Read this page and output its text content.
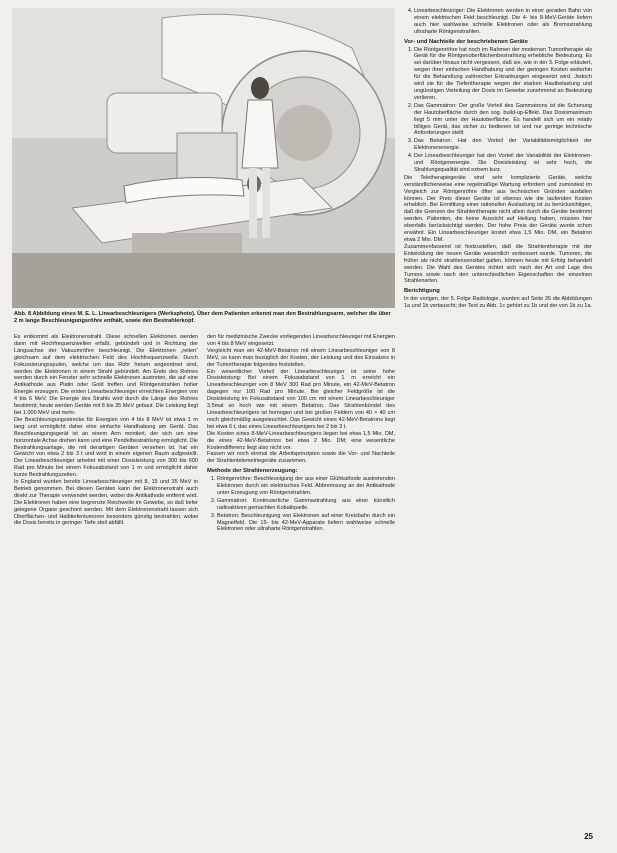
Abb. 8 Abbildung eines M. E. L. Linearbeschleunigers (Werksphoto). Über dem Patienten erkennt man den Bestrahlungsarm, welcher die über 2 m lange Beschleunigungsröhre enthält, sowie den Bestrahlerkopf.

Es entkommt als Elektronenstrahl. Diese schnellen Elektronen werden dann mit Hochfrequenzwellen erfaßt, gebündelt und in Richtung der Längsachse der Vakuumröhre beschleunigt. Die Elektronen „reiten“ gleichsam auf dem elektrischen Feld des Hochfrequenzwelle. Durch Fokussierungsspulen, welche um das Rohr herum angeordnet sind, werden die Elektronen in einem Strahl gebündelt. Am Ende des Rohres werden durch ein Fenster sehr schnelle Elektronen austreten, die auf eine Antikathode aus Platin oder Gold treffen und Röntgenstrahlen hoher Energie erzeugen. Die ersten Linearbeschleuniger erreichten Energien von 4 bis 6 MeV. Die Energie des Strahls wird durch die Länge des Rohres bestimmt; heute werden Geräte mit 8 bis 35 MeV gebaut. Die Leistung liegt bei 1.000 MeV und mehr.

Die Beschleunigungsstrecke für Energien von 4 bis 8 MeV ist etwa 1 m lang und ermöglicht daher eine einfache Handhabung am Gerät. Das Beschleunigungsgerät ist an einem Arm montiert, der sich um eine horizontale Achse drehen kann und eine Pendelbestrahlung ermöglicht. Die Bestrahlungsanlage, die mit derartigen Geräten versehen ist, hat ein Gewicht von etwa 2 bis 3 t und wird in einem eigenen Raum aufgestellt. Der Linearbeschleuniger arbeitet mit einer Dosisleistung von 300 bis 600 Rad pro Minute bei einem Fokusabstand von 1 m und ermöglicht daher kurze Bestrahlungszeiten.

In England wurden bereits Linearbeschleuniger mit 8, 15 und 35 MeV in Betrieb genommen. Bei diesen Geräten kann der Elektronenstrahl auch direkt zur Therapie verwendet werden, wobei die Antikathode entfernt wird. Die Elektronen haben eine begrenzte Reichweite im Gewebe, so daß tiefer gelegene Organe geschont werden. Mit dem Elektronenstrahl lassen sich Oberflächen- und Halbtiefentumoren besonders günstig bestrahlen, wobei die Dosis bereits in geringer Tiefe steil abfällt.

den für medizinische Zwecke vorliegenden Linearbeschleuniger mit Energien von 4 bis 8 MeV eingesetzt.

Vergleicht man ein 42-MeV-Betatron mit einem Linearbeschleuniger von 8 MeV, so kann man bezüglich der Kosten, der Leistung und des Einsatzes in der Tumortherapie folgendes feststellen.

Ein wesentlicher Vorteil der Linearbeschleuniger ist seine hohe Dosisleistung: Bei einem Fokusabstand von 1 m erreicht ein Linearbeschleuniger von 8 MeV 300 Rad pro Minute, ein 42-MeV-Betatron dagegen nur 100 Rad pro Minute. Bei gleicher Feldgröße ist die Dosisleistung im Fokusabstand von 100 cm mit einem Linearbeschleuniger 3,5mal so hoch wie mit einem Betatron. Das Strahlenbündel des Linearbeschleunigers ist homogen und bei großen Feldern von 40 × 40 cm noch gleichmäßig ausgeleuchtet. Das Gewicht eines 42-MeV-Betatrons liegt bei etwa 6 t, das eines Linearbeschleunigers bei 2 bis 3 t.

Die Kosten eines 8-MeV-Linearbeschleunigers liegen bei etwa 1,5 Mio. DM, die eines 42-MeV-Betatrons bei etwa 2 Mio. DM; eine wesentliche Kostendifferenz liegt also nicht vor.

Fassen wir noch einmal die Arbeitsprinzipien sowie die Vor- und Nachteile der Strahlentelemetriegeräte zusammen.

Methode der Strahlenerzeugung:

1. Röntgenröhre: Beschleunigung der aus einer Glühkathode austretenden Elektronen durch ein elektrisches Feld. Abbremsung an der Antikathode unter Erzeugung von Röntgenstrahlen.
2. Gammatron: Kontinuierliche Gammastrahlung aus einer künstlich radioaktiven gemachten Kobaltquelle.
3. Betatron: Beschleunigung von Elektronen auf einer Kreisbahn durch ein Magnetfeld. Die 15- bis 42-MeV-Apparate liefern wahlweise schnelle Elektronen oder ultraharte Röntgenstrahlen.
4. Linearbeschleuniger: Die Elektronen werden in einer geraden Bahn von einem elektrischen Feld beschleunigt. Die 4- bis 8-MeV-Geräte liefern auch hier wahlweise schnelle Elektronen oder als Bremsstrahlung ultraharte Röntgenstrahlen.

Vor- und Nachteile der beschriebenen Geräte

1. Die Röntgenröhre hat noch im Rahmen der modernen Tumortherapie als Gerät für die Röntgenoberflächenbestrahlung erhebliche Bedeutung. Es sei darüber hinaus nicht vergessen, daß sie, wie in der 3. Folge erläutert, wegen ihrer einfachen Handhabung und der geringen Kosten weiterhin für die Behandlung zahlreicher Erkrankungen eingesetzt wird. Jedoch wird sie für die Tiefentherapie wegen der starken Hautbelastung und ungünstigen Verteilung der Dosis im Gewebe zunehmend an Bedeutung verlieren.
2. Das Gammatron: Der große Vorteil des Gammatrons ist die Schonung der Hautoberfläche durch den sog. build-up-Effekt. Das Dosismaximum liegt 5 mm unter der Hautoberfläche. Es handelt sich um ein relativ billiges Gerät, das sicher zu bedienen ist und nur geringe technische Anforderungen stellt.
3. Das Betatron: Hat den Vorteil der Variabilitätsmöglichkeit der Elektronenenergie.
4. Der Linearbeschleuniger hat den Vorteil der Variabilität der Elektronen- und Röntgenenergie. Die Dosisleistung ist sehr hoch, die Strahlungsqualität sind extrem kurz.

Die Teletherapiegeräte sind sehr komplizierte Geräte, welche verständlicherweise eine regelmäßige Wartung erfordern und zumindest im Vergleich zur Röntgenröhre öfter aus technischen Gründen ausfallen können. Der Preis dieser Geräte ist ebenso wie die laufenden Kosten erheblich. Bei Ermittlung einer rationellen Auslastung ist zu berücksichtigen, daß die Grenzen der Strahlentherapie nicht allein durch die Geräte bestimmt werden. Patienten, die keine Aussicht auf Heilung haben, müssen hier ebenfalls berücksichtigt werden. Der hohe Preis der Geräte wurde schon erwähnt. Ein Linearbeschleuniger kostet etwa 1,5 Mio. DM, ein Betatron etwa 2 Mio. DM.

Zusammenfassend ist festzustellen, daß die Strahlentherapie mit der Entwicklung der neuen Geräte wesentlich verbessert wurde. Tumoren, die früher als nicht strahlensensibel galten, können heute mit Erfolg behandelt werden. Die Wahl des Gerätes richtet sich nach der Art und Lage des Tumors sowie nach den unterschiedlichen Eigenschaften der einzelnen Strahlenarten.

Berichtigung

In der vorigen, der 5. Folge Radiologie, wurden auf Seite 35 die Abbildungen 1a und 1b vertauscht; der Text zu Abb. 1c gehört zu 1b und der von 1b zu 1a.

25
